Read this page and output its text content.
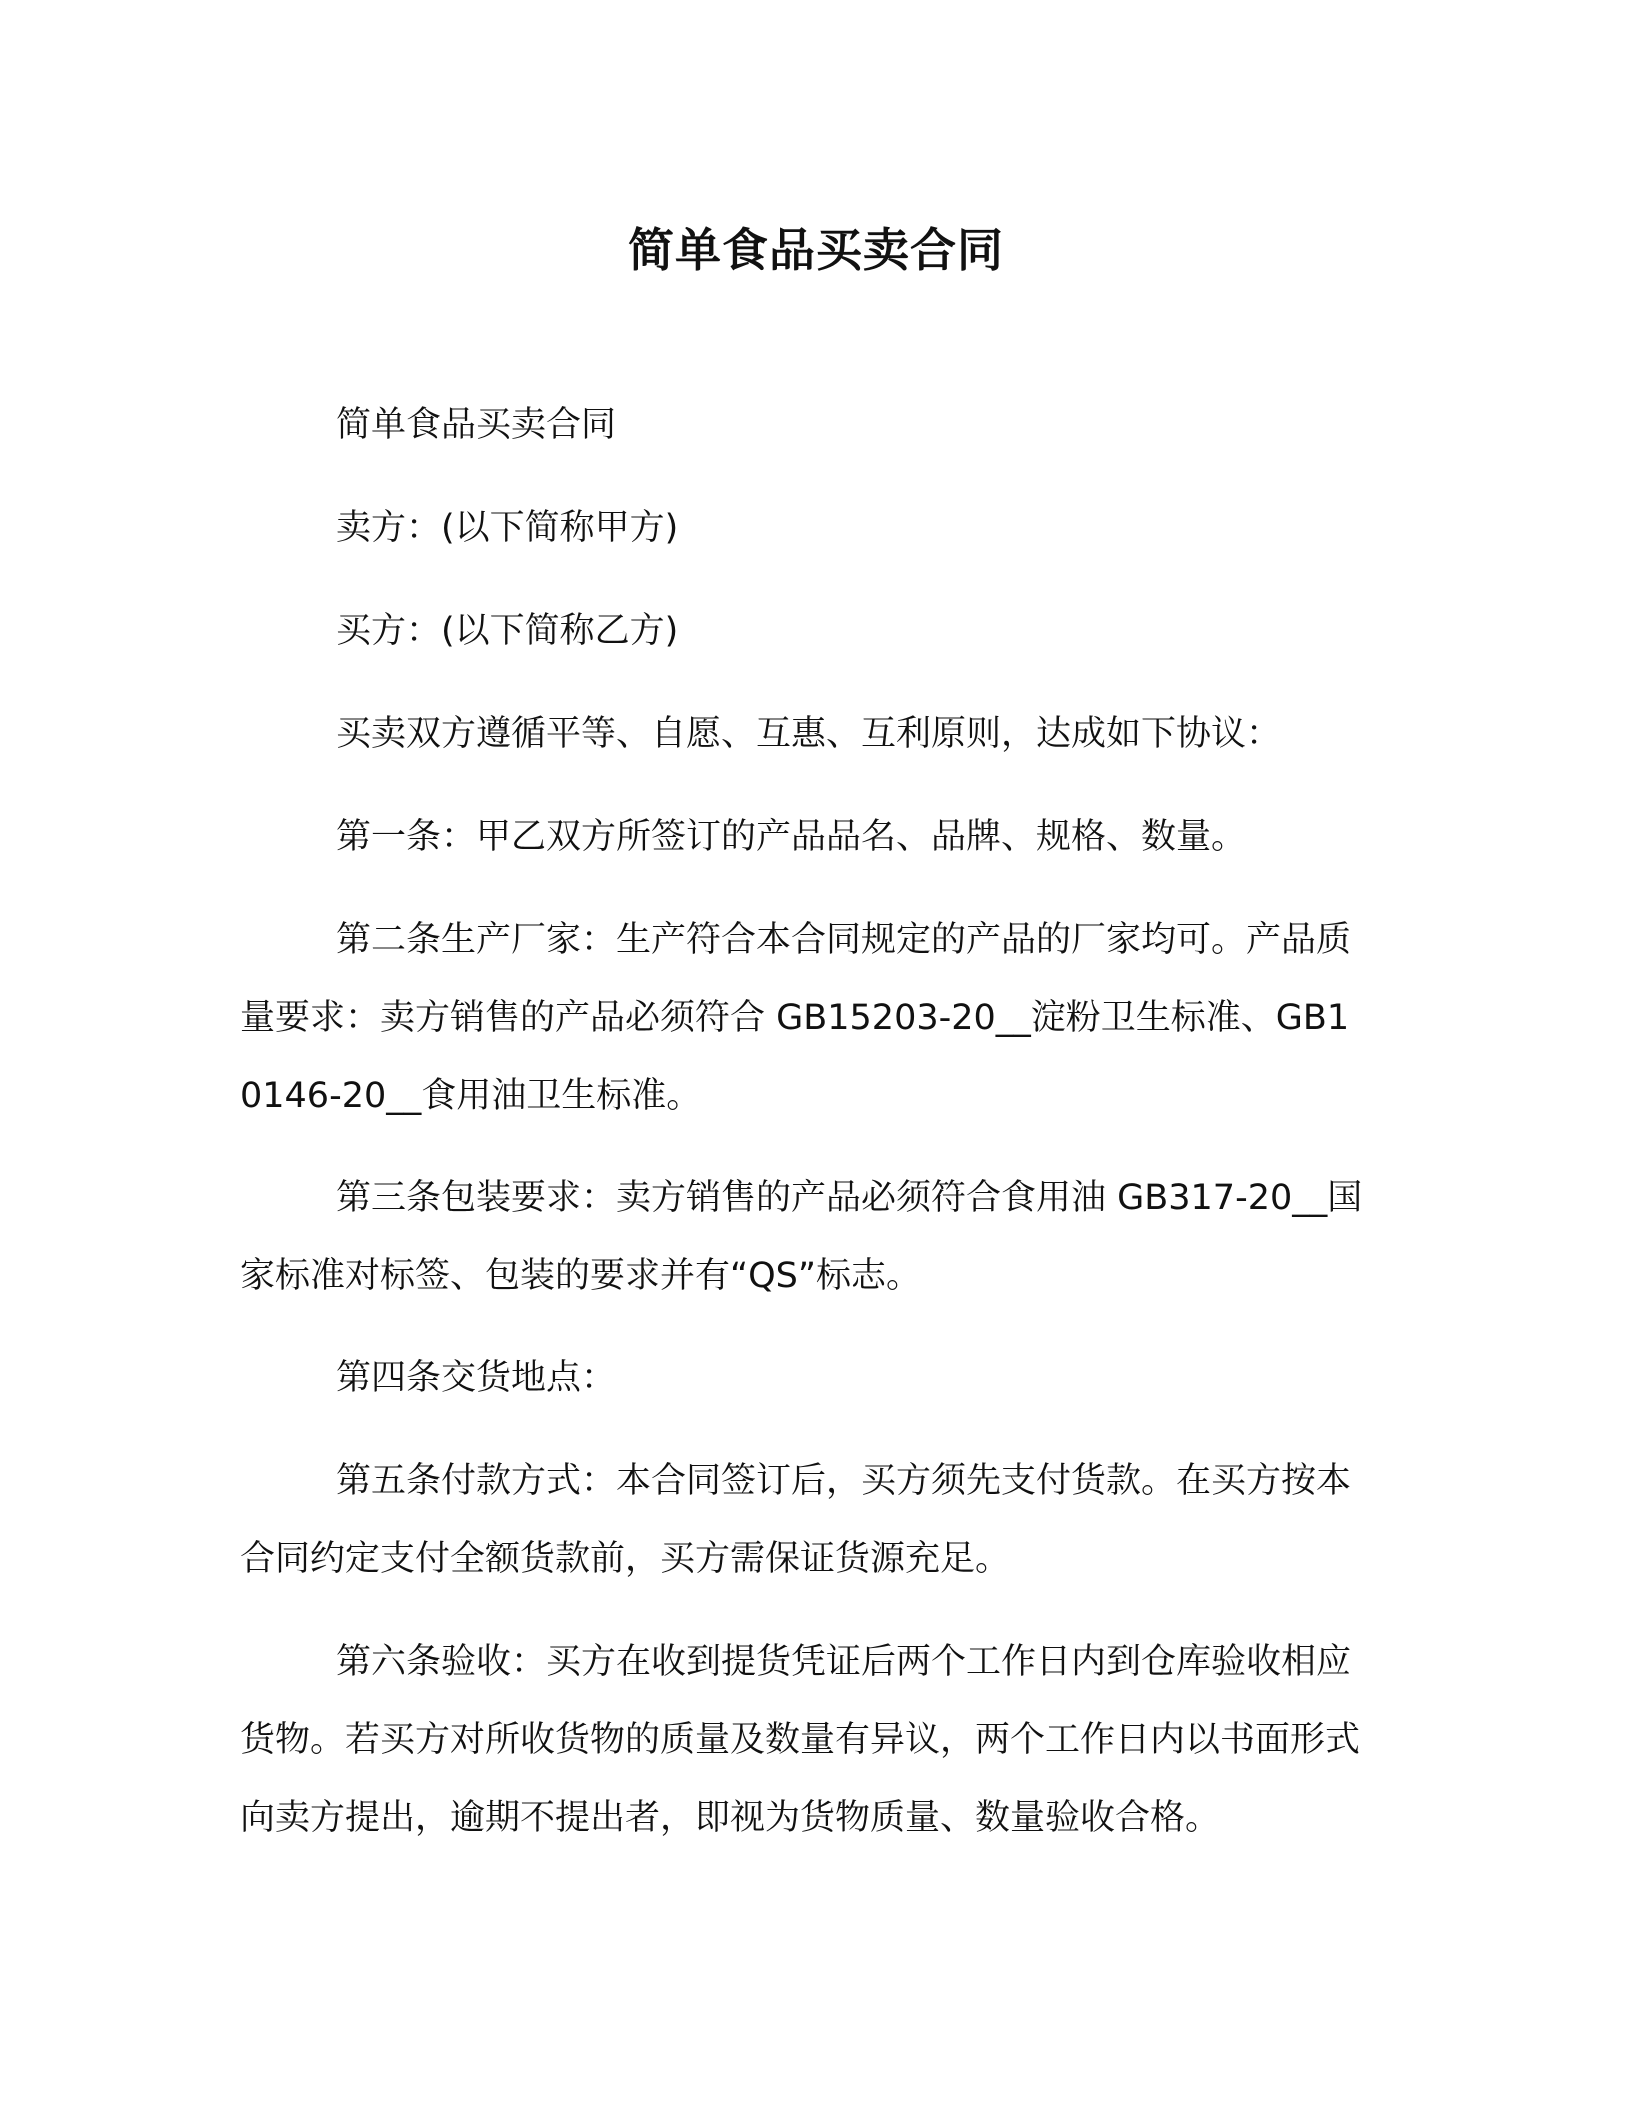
简单食品买卖合同

简单食品买卖合同

卖方：(以下简称甲方)

买方：(以下简称乙方)

买卖双方遵循平等、自愿、互惠、互利原则，达成如下协议：

第一条：甲乙双方所签订的产品品名、品牌、规格、数量。

第二条生产厂家：生产符合本合同规定的产品的厂家均可。产品质量要求：卖方销售的产品必须符合 GB15203-20__淀粉卫生标准、GB10146-20__食用油卫生标准。

第三条包装要求：卖方销售的产品必须符合食用油 GB317-20__国家标准对标签、包装的要求并有“QS”标志。

第四条交货地点：

第五条付款方式：本合同签订后，买方须先支付货款。在买方按本合同约定支付全额货款前，买方需保证货源充足。

第六条验收：买方在收到提货凭证后两个工作日内到仓库验收相应货物。若买方对所收货物的质量及数量有异议，两个工作日内以书面形式向卖方提出，逾期不提出者，即视为货物质量、数量验收合格。
